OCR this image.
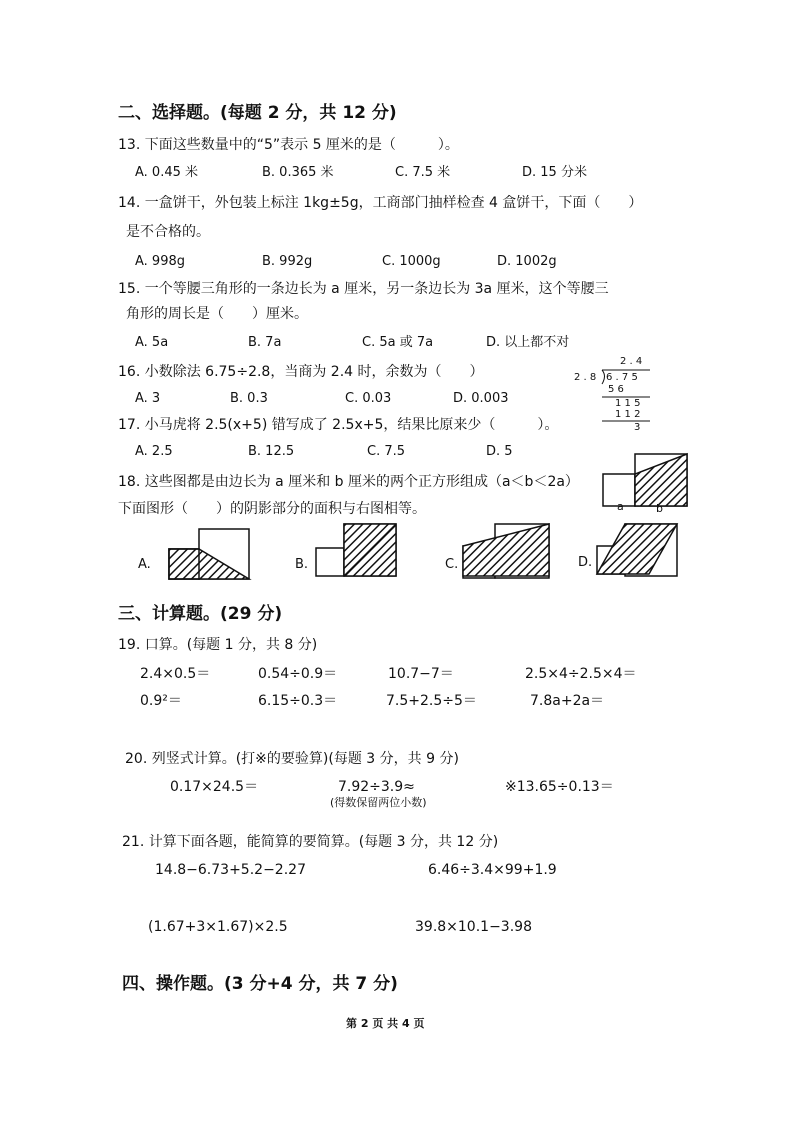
二、选择题。(每题 2 分，共 12 分)
13. 下面这些数量中的“5”表示 5 厘米的是（　　　）。
A. 0.45 米	B. 0.365 米	C. 7.5 米	D. 15 分米
14. 一盒饼干，外包装上标注 1kg±5g，工商部门抽样检查 4 盒饼干，下面（　　）
是不合格的。
A. 998g	B. 992g	C. 1000g	D. 1002g
15. 一个等腰三角形的一条边长为 a 厘米，另一条边长为 3a 厘米，这个等腰三
角形的周长是（　　）厘米。
A. 5a	B. 7a	C. 5a 或 7a	D. 以上都不对
16. 小数除法 6.75÷2.8，当商为 2.4 时，余数为（　　）
A. 3	B. 0.3	C. 0.03	D. 0.003
2 . 4
2 . 8 6 . 7 5
5 6
1 1 5
1 1 2
3
17. 小马虎将 2.5(x+5) 错写成了 2.5x+5，结果比原来少（　　　）。
A. 2.5	B. 12.5	C. 7.5	D. 5
18. 这些图都是由边长为 a 厘米和 b 厘米的两个正方形组成（a＜b＜2a）
下面图形（　　）的阴影部分的面积与右图相等。	a	b
A.	B.	C.	D.
三、计算题。(29 分)
19. 口算。(每题 1 分，共 8 分)
2.4×0.5＝	0.54÷0.9＝	10.7−7＝	2.5×4÷2.5×4＝
0.9²＝	6.15÷0.3＝	7.5+2.5÷5＝	7.8a+2a＝
20. 列竖式计算。(打※的要验算)(每题 3 分，共 9 分)
0.17×24.5＝	7.92÷3.9≈	※13.65÷0.13＝
(得数保留两位小数)
21. 计算下面各题，能简算的要简算。(每题 3 分，共 12 分)
14.8−6.73+5.2−2.27	6.46÷3.4×99+1.9
(1.67+3×1.67)×2.5	39.8×10.1−3.98
四、操作题。(3 分+4 分，共 7 分)
第 2 页 共 4 页
